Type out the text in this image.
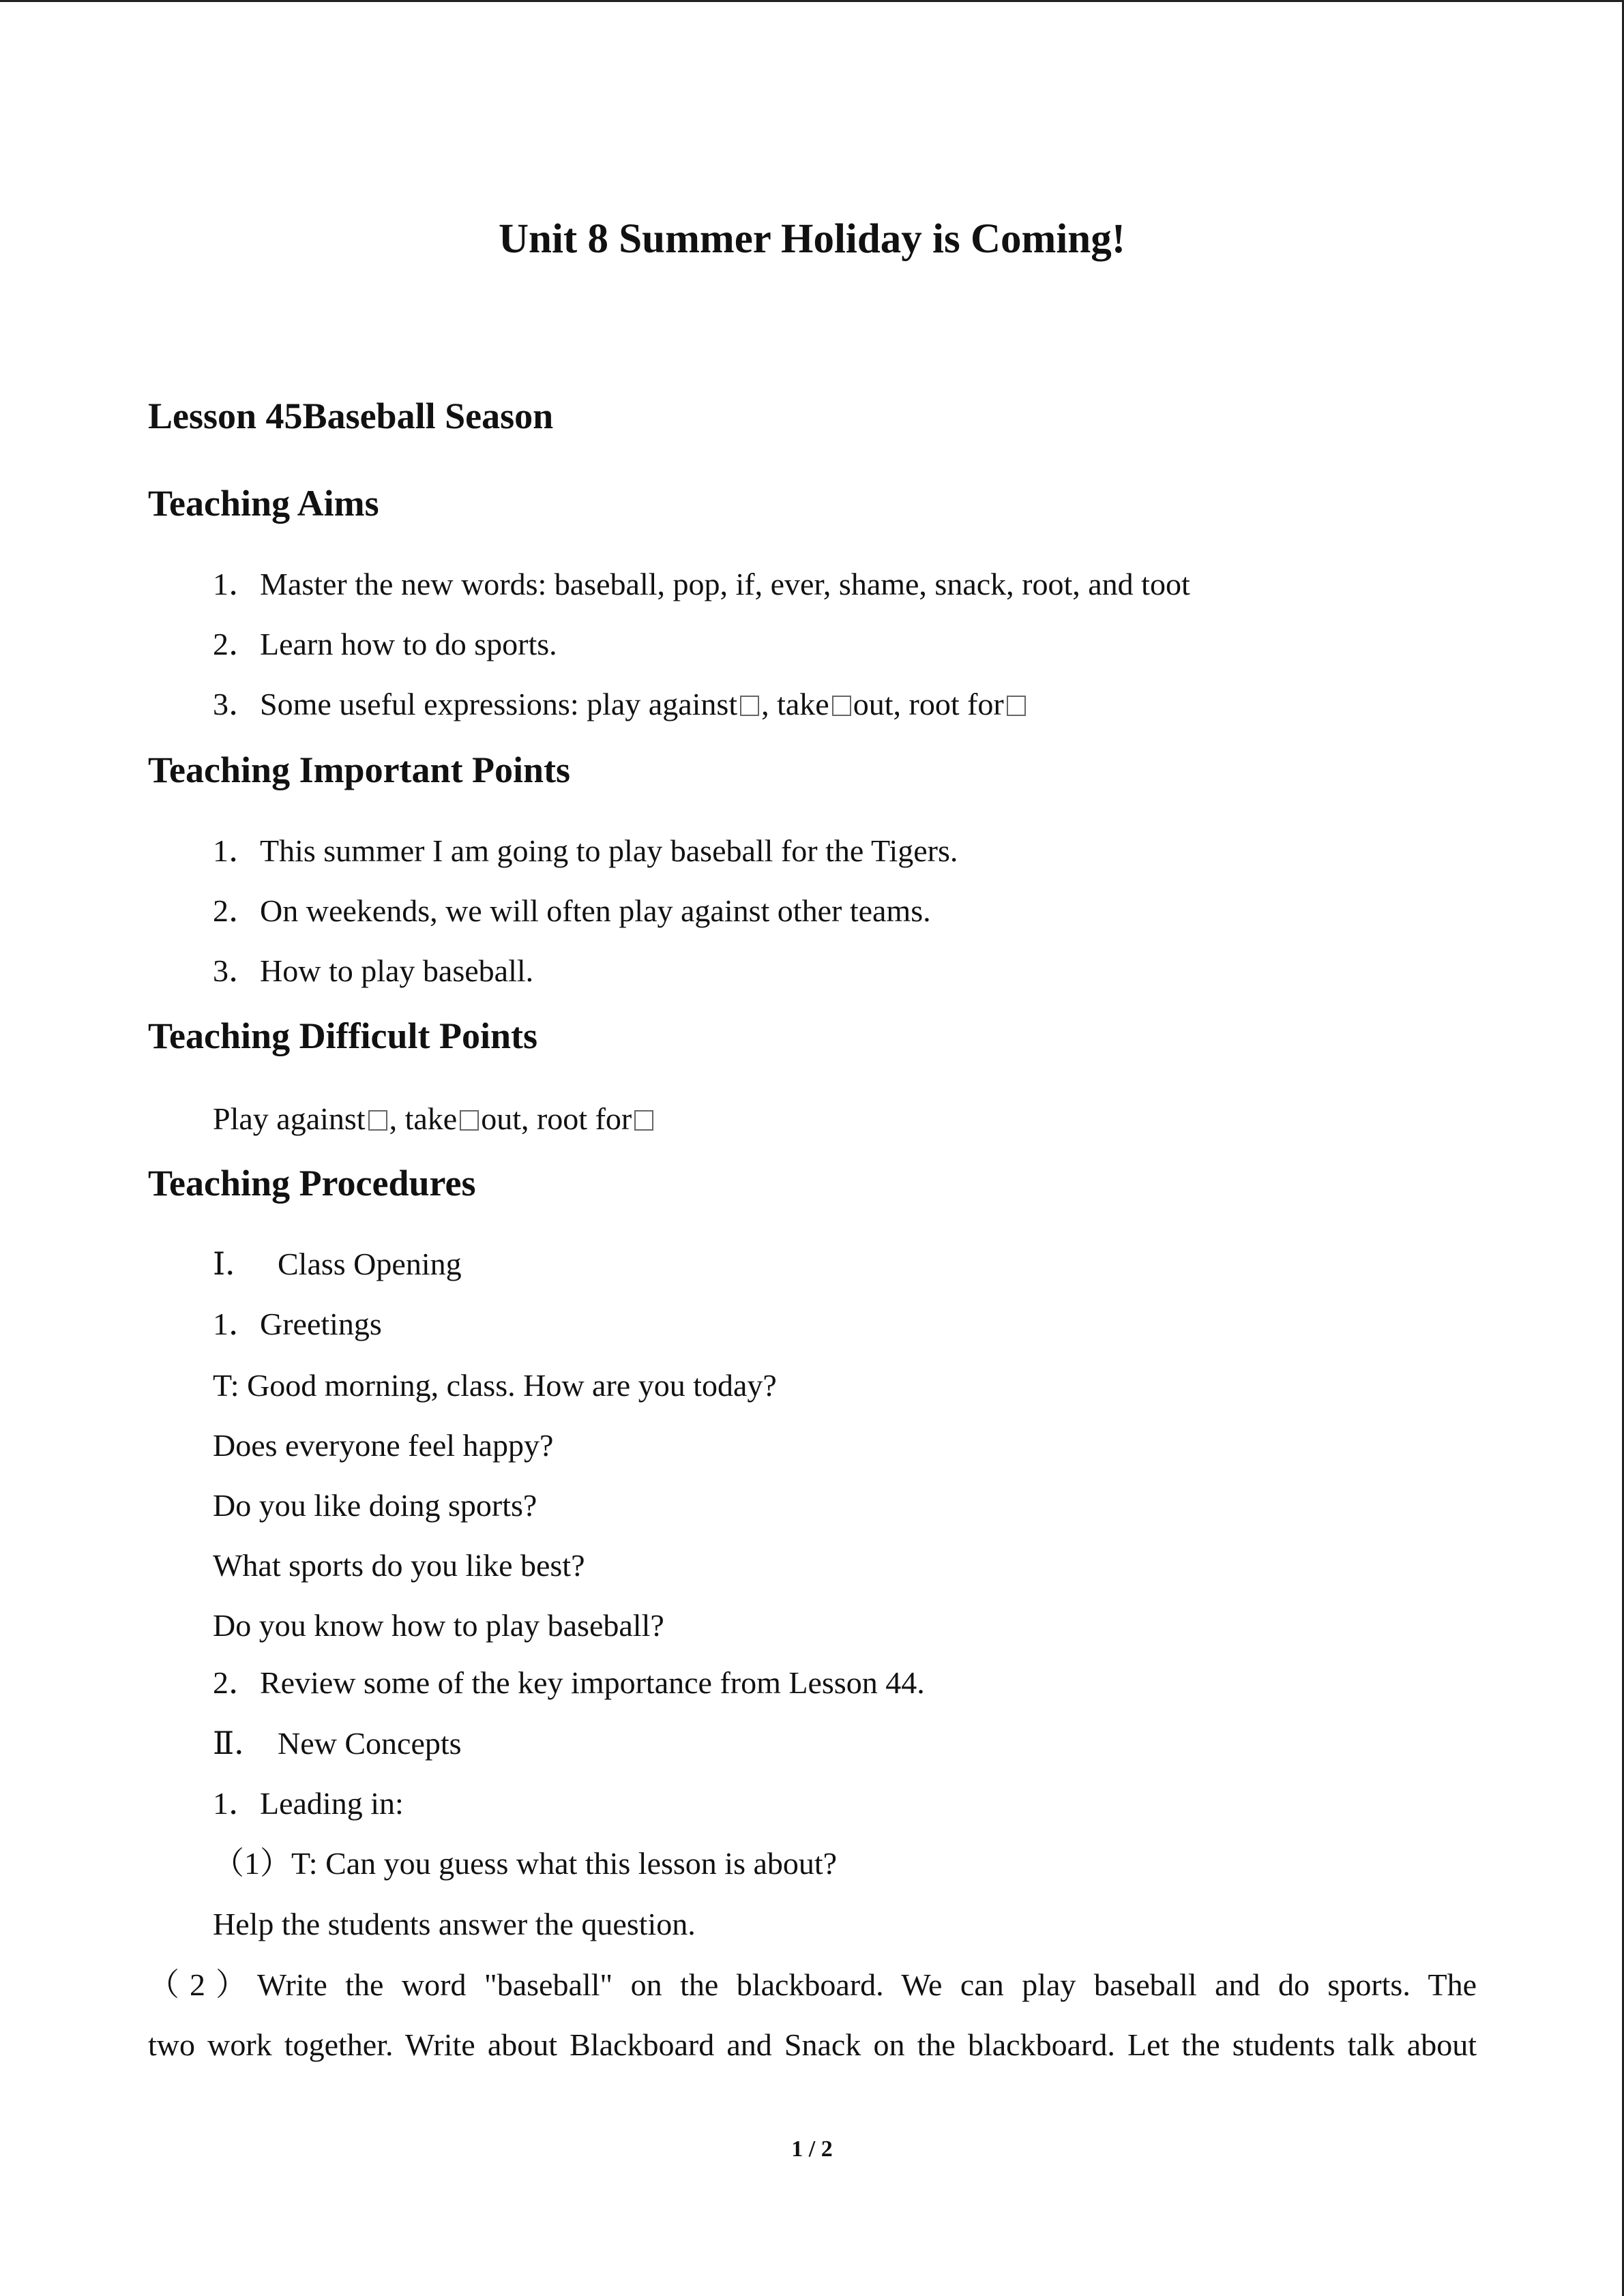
Unit 8 Summer Holiday is Coming!
Lesson 45Baseball Season
Teaching Aims
1．Master the new words: baseball, pop, if, ever, shame, snack, root, and toot
2．Learn how to do sports.
3．Some useful expressions: play against , take out, root for
Teaching Important Points
1．This summer I am going to play baseball for the Tigers.
2．On weekends, we will often play against other teams.
3．How to play baseball.
Teaching Difficult Points
Play against , take out, root for
Teaching Procedures
Ⅰ． Class Opening
1．Greetings
T: Good morning, class. How are you today?
Does everyone feel happy?
Do you like doing sports?
What sports do you like best?
Do you know how to play baseball?
2．Review some of the key importance from Lesson 44.
Ⅱ． New Concepts
1．Leading in:
（1）T: Can you guess what this lesson is about?
Help the students answer the question.
（2）Write the word "baseball" on the blackboard. We can play baseball and do sports. The
two work together. Write about Blackboard and Snack on the blackboard. Let the students talk about
1 / 2
